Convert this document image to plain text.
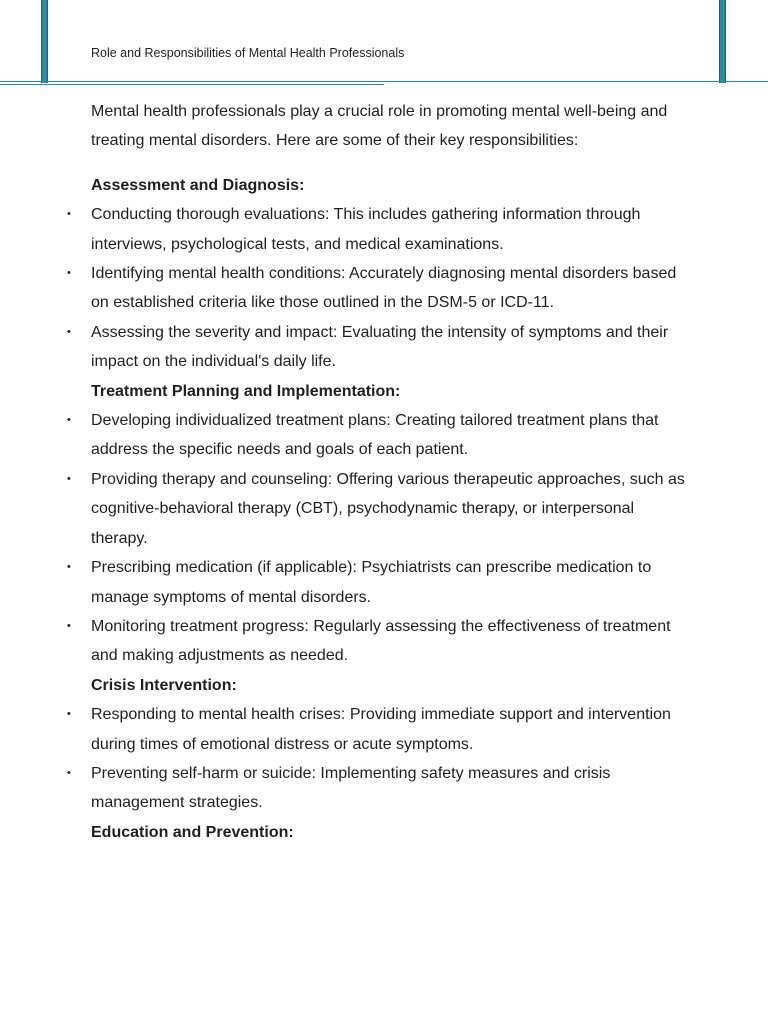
Role and Responsibilities of Mental Health Professionals

Mental health professionals play a crucial role in promoting mental well-being and treating mental disorders. Here are some of their key responsibilities:

Assessment and Diagnosis:

• Conducting thorough evaluations: This includes gathering information through interviews, psychological tests, and medical examinations.
• Identifying mental health conditions: Accurately diagnosing mental disorders based on established criteria like those outlined in the DSM-5 or ICD-11.
• Assessing the severity and impact: Evaluating the intensity of symptoms and their impact on the individual's daily life.

Treatment Planning and Implementation:

• Developing individualized treatment plans: Creating tailored treatment plans that address the specific needs and goals of each patient.
• Providing therapy and counseling: Offering various therapeutic approaches, such as cognitive-behavioral therapy (CBT), psychodynamic therapy, or interpersonal therapy.
• Prescribing medication (if applicable): Psychiatrists can prescribe medication to manage symptoms of mental disorders.
• Monitoring treatment progress: Regularly assessing the effectiveness of treatment and making adjustments as needed.

Crisis Intervention:

• Responding to mental health crises: Providing immediate support and intervention during times of emotional distress or acute symptoms.
• Preventing self-harm or suicide: Implementing safety measures and crisis management strategies.

Education and Prevention:
